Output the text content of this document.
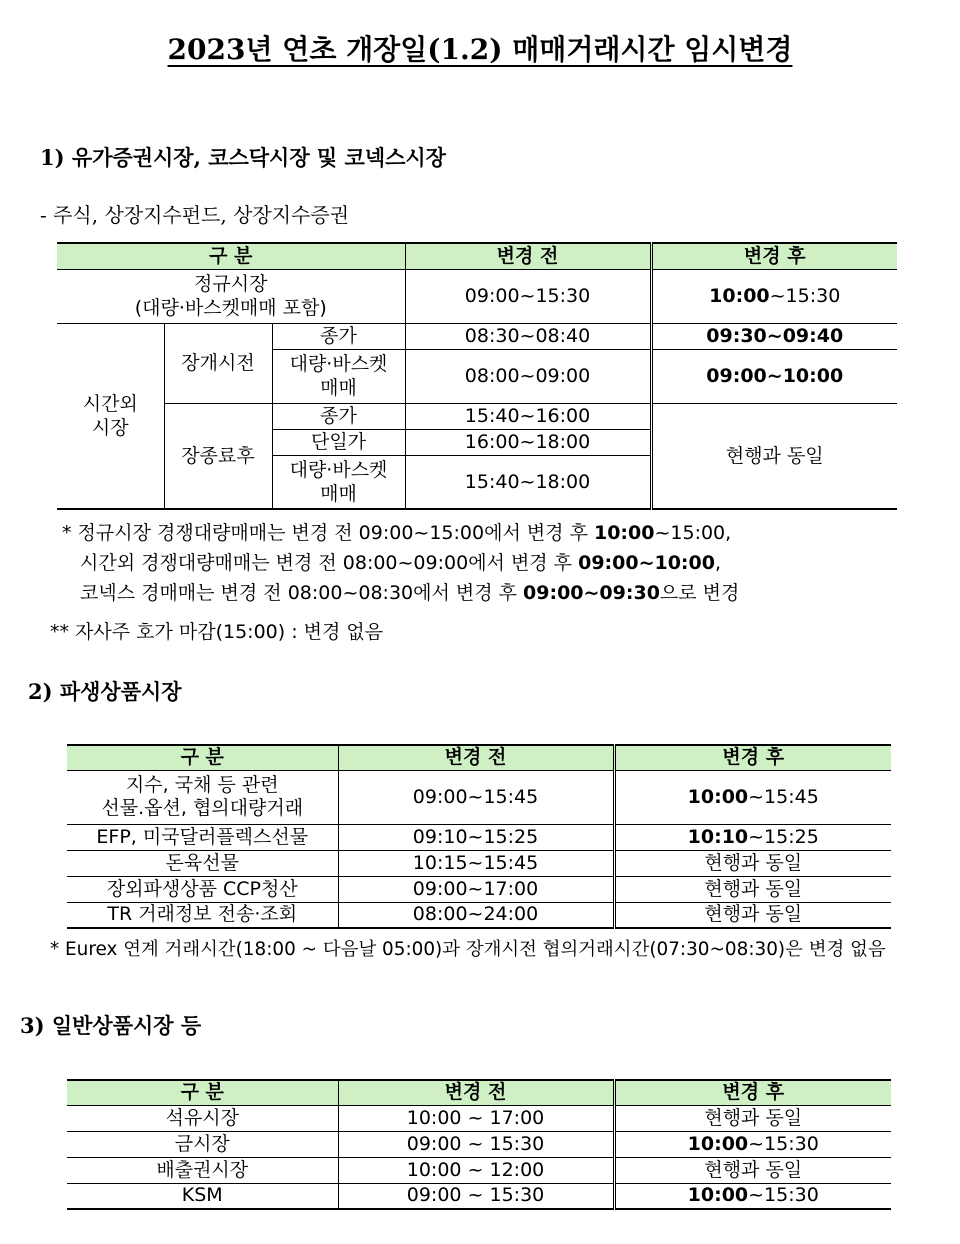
2023년 연초 개장일(1.2) 매매거래시간 임시변경
1) 유가증권시장, 코스닥시장 및 코넥스시장
- 주식, 상장지수펀드, 상장지수증권
구 분			변경 전	변경 후
정규시장
(대량·바스켓매매 포함)			09:00~15:30	10:00~15:30
시간외
시장	장개시전	종가	08:30~08:40	09:30~09:40
		대량·바스켓
매매	08:00~09:00	09:00~10:00
	장종료후	종가	15:40~16:00	현행과 동일
		단일가	16:00~18:00	
		대량·바스켓
매매	15:40~18:00	
* 정규시장 경쟁대량매매는 변경 전 09:00~15:00에서 변경 후 10:00~15:00,
시간외 경쟁대량매매는 변경 전 08:00~09:00에서 변경 후 09:00~10:00,
코넥스 경매매는 변경 전 08:00~08:30에서 변경 후 09:00~09:30으로 변경
** 자사주 호가 마감(15:00) : 변경 없음
2) 파생상품시장
구 분	변경 전	변경 후
지수, 국채 등 관련
선물.옵션, 협의대량거래	09:00~15:45	10:00~15:45
EFP, 미국달러플렉스선물	09:10~15:25	10:10~15:25
돈육선물	10:15~15:45	현행과 동일
장외파생상품 CCP청산	09:00~17:00	현행과 동일
TR 거래정보 전송·조회	08:00~24:00	현행과 동일
* Eurex 연계 거래시간(18:00 ~ 다음날 05:00)과 장개시전 협의거래시간(07:30~08:30)은 변경 없음
3) 일반상품시장 등
구 분	변경 전	변경 후
석유시장	10:00 ~ 17:00	현행과 동일
금시장	09:00 ~ 15:30	10:00~15:30
배출권시장	10:00 ~ 12:00	현행과 동일
KSM	09:00 ~ 15:30	10:00~15:30
